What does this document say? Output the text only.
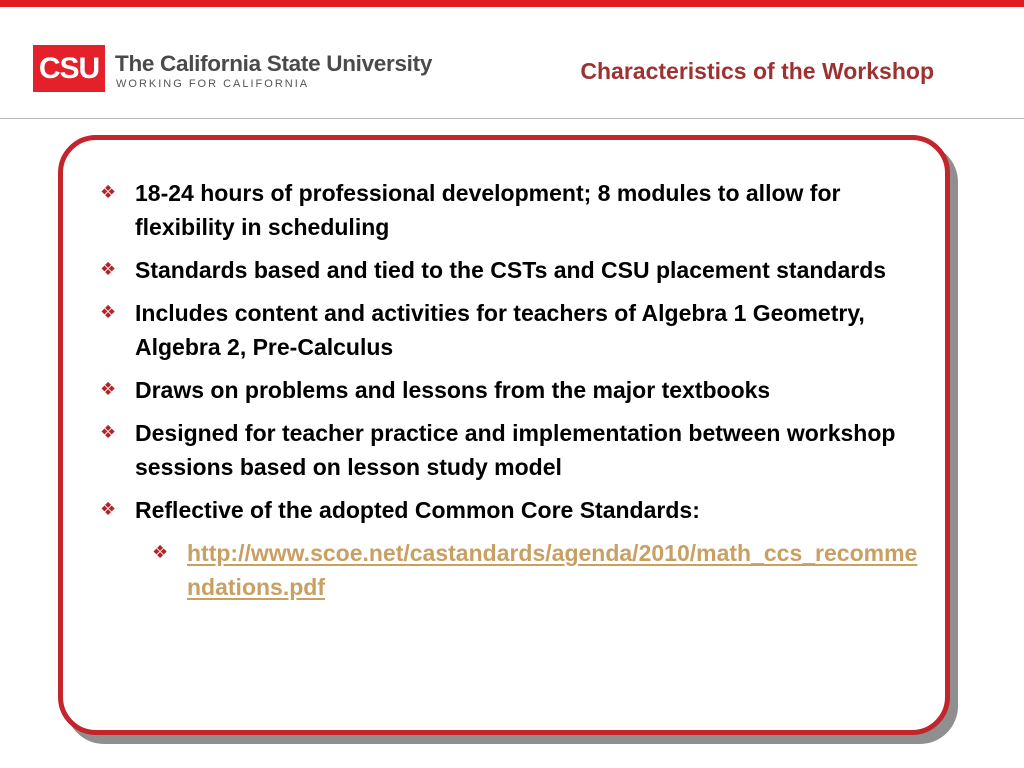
CSU The California State University
WORKING FOR CALIFORNIA	Characteristics of the Workshop
❖ 18-24 hours of professional development; 8 modules to allow for flexibility in scheduling
❖ Standards based and tied to the CSTs and CSU placement standards
❖ Includes content and activities for teachers of Algebra 1 Geometry, Algebra 2, Pre-Calculus
❖ Draws on problems and lessons from the major textbooks
❖ Designed for teacher practice and implementation between workshop sessions based on lesson study model
❖ Reflective of the adopted Common Core Standards:
❖ http://www.scoe.net/castandards/agenda/2010/math_ccs_recommendations.pdf
